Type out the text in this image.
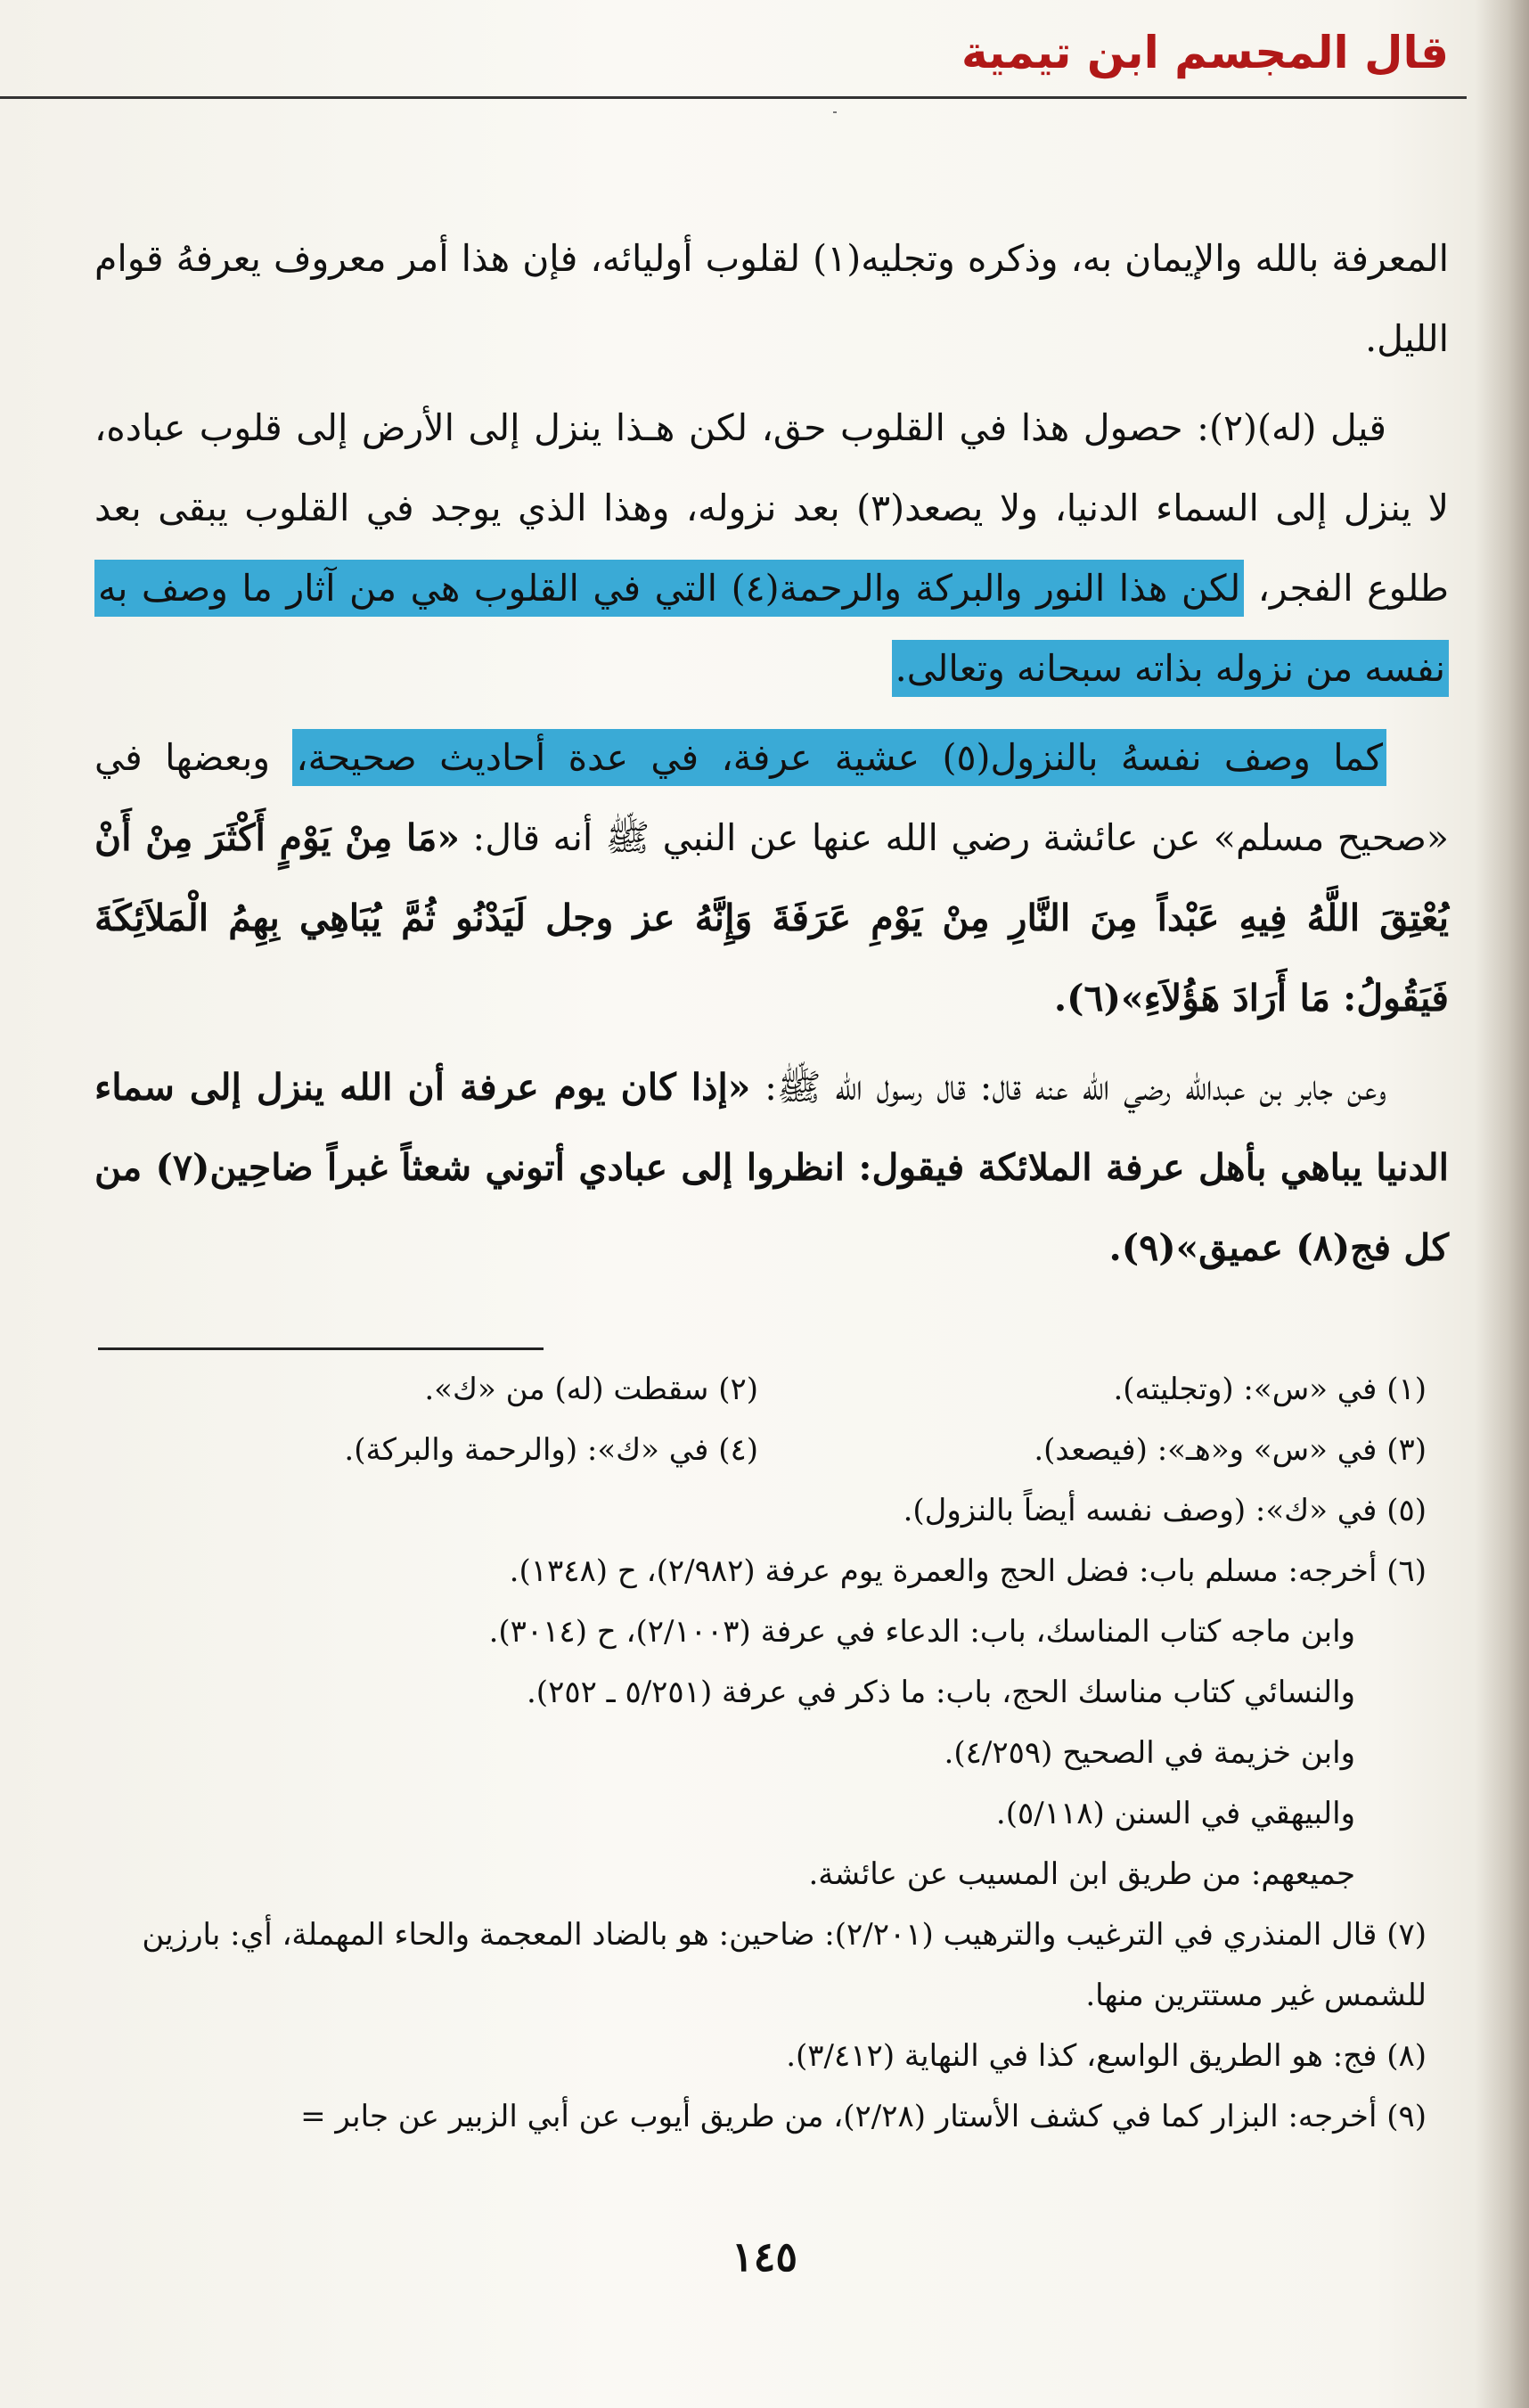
قال المجسم ابن تيمية

المعرفة بالله والإيمان به، وذكره وتجليه(١) لقلوب أوليائه، فإن هذا أمر معروف يعرفهُ قوام الليل.

قيل (له)(٢): حصول هذا في القلوب حق، لكن هـذا ينزل إلى الأرض إلى قلوب عباده، لا ينزل إلى السماء الدنيا، ولا يصعد(٣) بعد نزوله، وهذا الذي يوجد في القلوب يبقى بعد طلوع الفجر، لكن هذا النور والبركة والرحمة(٤) التي في القلوب هي من آثار ما وصف به نفسه من نزوله بذاته سبحانه وتعالى.

كما وصف نفسهُ بالنزول(٥) عشية عرفة، في عدة أحاديث صحيحة، وبعضها في «صحيح مسلم» عن عائشة رضي الله عنها عن النبي ﷺ أنه قال: «مَا مِنْ يَوْمٍ أَكْثَرَ مِنْ أَنْ يُعْتِقَ اللَّهُ فِيهِ عَبْداً مِنَ النَّارِ مِنْ يَوْمِ عَرَفَةَ وَإِنَّهُ عز وجل لَيَدْنُو ثُمَّ يُبَاهِي بِهِمُ الْمَلاَئِكَةَ فَيَقُولُ: مَا أَرَادَ هَؤُلاَءِ»(٦).

وعن جابر بن عبدالله رضي الله عنه قال: قال رسول الله ﷺ: «إذا كان يوم عرفة أن الله ينزل إلى سماء الدنيا يباهي بأهل عرفة الملائكة فيقول: انظروا إلى عبادي أتوني شعثاً غبراً ضاحِين(٧) من كل فج(٨) عميق»(٩).

(١) في «س»: (وتجليته).
(٢) سقطت (له) من «ك».
(٣) في «س» و«هـ»: (فيصعد).
(٤) في «ك»: (والرحمة والبركة).
(٥) في «ك»: (وصف نفسه أيضاً بالنزول).
(٦) أخرجه: مسلم باب: فضل الحج والعمرة يوم عرفة (٢/٩٨٢)، ح (١٣٤٨).
وابن ماجه كتاب المناسك، باب: الدعاء في عرفة (٢/١٠٠٣)، ح (٣٠١٤).
والنسائي كتاب مناسك الحج، باب: ما ذكر في عرفة (٥/٢٥١ ـ ٢٥٢).
وابن خزيمة في الصحيح (٤/٢٥٩).
والبيهقي في السنن (٥/١١٨).
جميعهم: من طريق ابن المسيب عن عائشة.
(٧) قال المنذري في الترغيب والترهيب (٢/٢٠١): ضاحين: هو بالضاد المعجمة والحاء المهملة، أي: بارزين للشمس غير مستترين منها.
(٨) فج: هو الطريق الواسع، كذا في النهاية (٣/٤١٢).
(٩) أخرجه: البزار كما في كشف الأستار (٢/٢٨)، من طريق أيوب عن أبي الزبير عن جابر =
١٤٥
